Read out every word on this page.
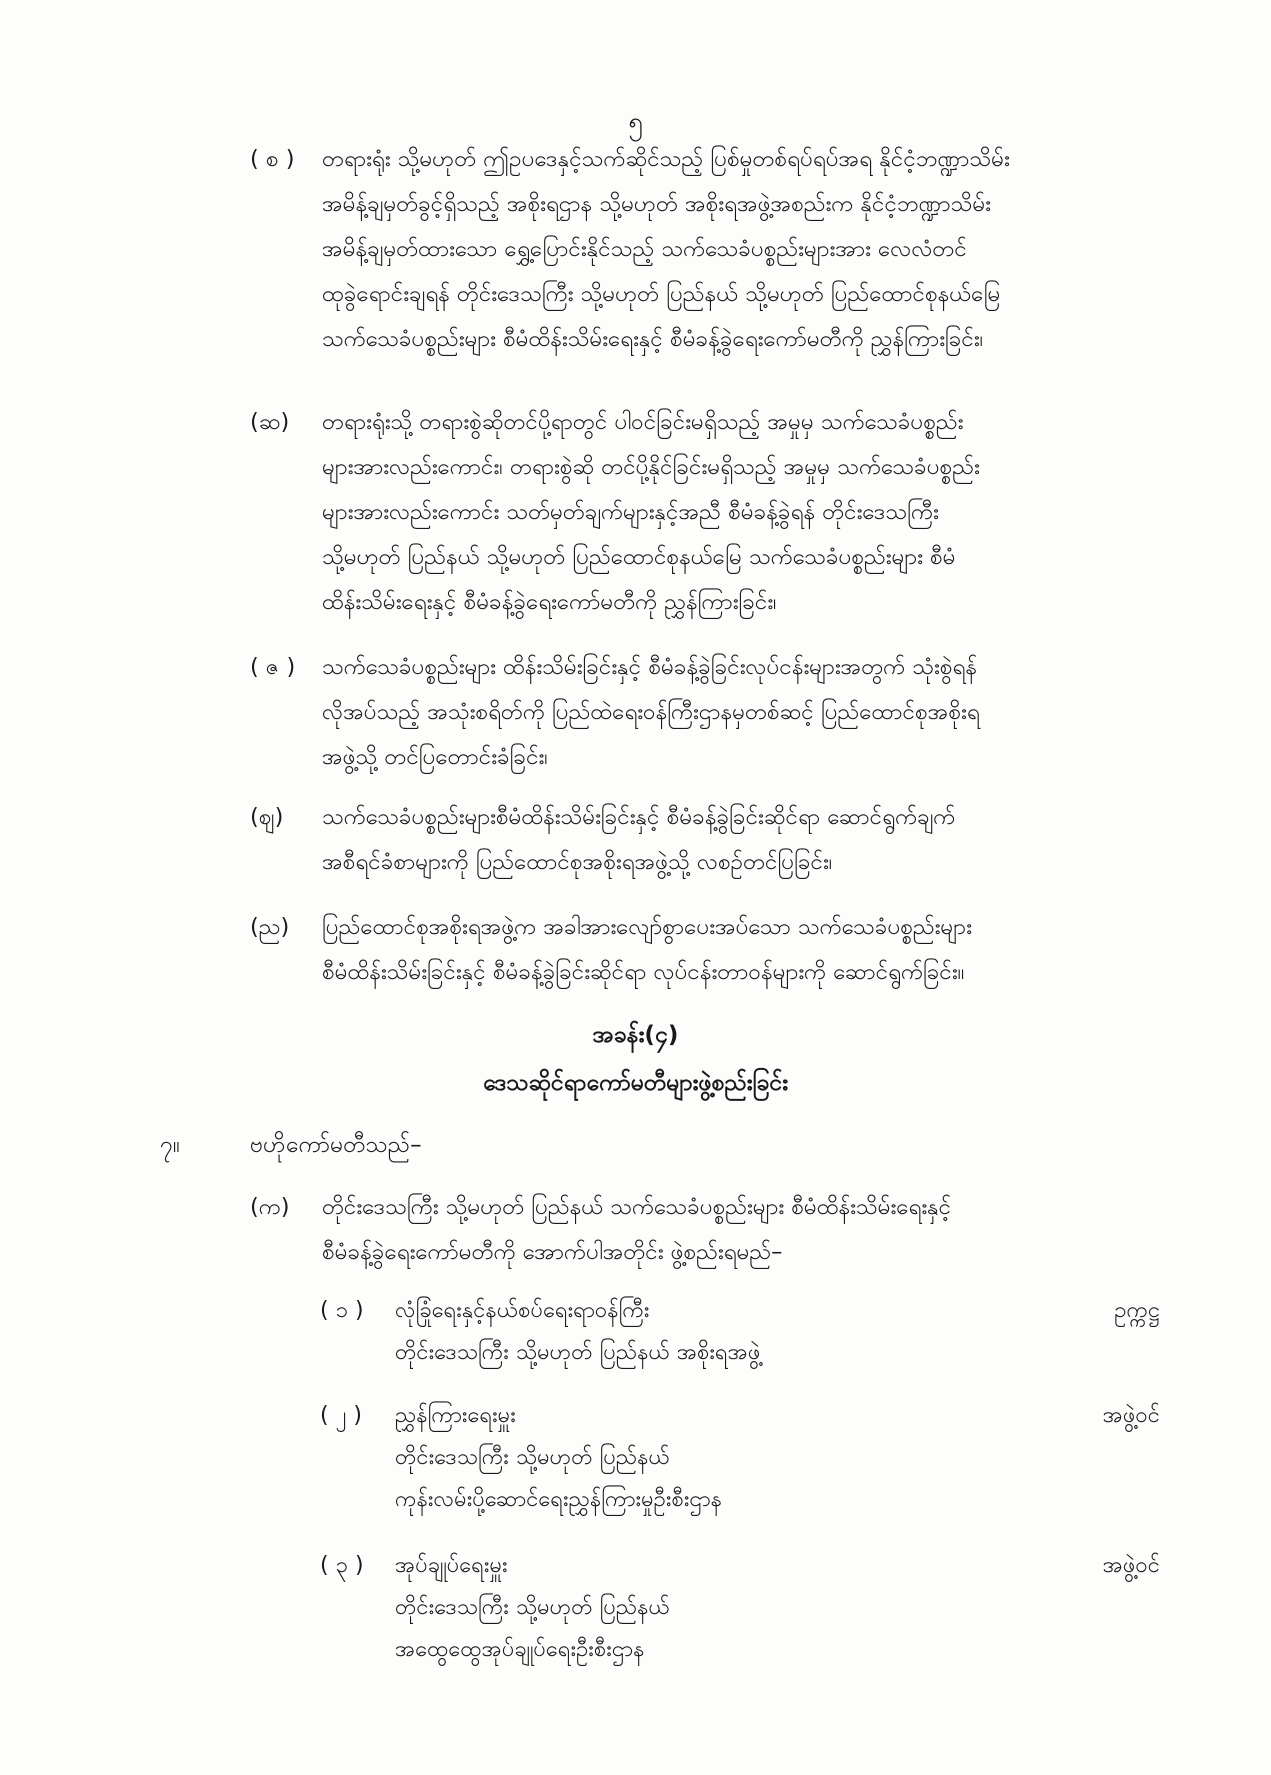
၅
( စ )	တရားရုံး သို့မဟုတ် ဤဥပဒေနှင့်သက်ဆိုင်သည့် ပြစ်မှုတစ်ရပ်ရပ်အရ နိုင်ငံ့ဘဏ္ဍာသိမ်း
အမိန့်ချမှတ်ခွင့်ရှိသည့် အစိုးရဌာန သို့မဟုတ် အစိုးရအဖွဲ့အစည်းက နိုင်ငံ့ဘဏ္ဍာသိမ်း
အမိန့်ချမှတ်ထားသော ရွှေ့ပြောင်းနိုင်သည့် သက်သေခံပစ္စည်းများအား လေလံတင်
ထုခွဲရောင်းချရန် တိုင်းဒေသကြီး သို့မဟုတ် ပြည်နယ် သို့မဟုတ် ပြည်ထောင်စုနယ်မြေ
သက်သေခံပစ္စည်းများ စီမံထိန်းသိမ်းရေးနှင့် စီမံခန့်ခွဲရေးကော်မတီကို ညွှန်ကြားခြင်း၊
(ဆ)	တရားရုံးသို့ တရားစွဲဆိုတင်ပို့ရာတွင် ပါဝင်ခြင်းမရှိသည့် အမှုမှ သက်သေခံပစ္စည်း
များအားလည်းကောင်း၊ တရားစွဲဆို တင်ပို့နိုင်ခြင်းမရှိသည့် အမှုမှ သက်သေခံပစ္စည်း
များအားလည်းကောင်း သတ်မှတ်ချက်များနှင့်အညီ စီမံခန့်ခွဲရန် တိုင်းဒေသကြီး
သို့မဟုတ် ပြည်နယ် သို့မဟုတ် ပြည်ထောင်စုနယ်မြေ သက်သေခံပစ္စည်းများ စီမံ
ထိန်းသိမ်းရေးနှင့် စီမံခန့်ခွဲရေးကော်မတီကို ညွှန်ကြားခြင်း၊
( ဇ )	သက်သေခံပစ္စည်းများ ထိန်းသိမ်းခြင်းနှင့် စီမံခန့်ခွဲခြင်းလုပ်ငန်းများအတွက် သုံးစွဲရန်
လိုအပ်သည့် အသုံးစရိတ်ကို ပြည်ထဲရေးဝန်ကြီးဌာနမှတစ်ဆင့် ပြည်ထောင်စုအစိုးရ
အဖွဲ့သို့ တင်ပြတောင်းခံခြင်း၊
(ဈ)	သက်သေခံပစ္စည်းများစီမံထိန်းသိမ်းခြင်းနှင့် စီမံခန့်ခွဲခြင်းဆိုင်ရာ ဆောင်ရွက်ချက်
အစီရင်ခံစာများကို ပြည်ထောင်စုအစိုးရအဖွဲ့သို့ လစဉ်တင်ပြခြင်း၊
(ည)	ပြည်ထောင်စုအစိုးရအဖွဲ့က အခါအားလျော်စွာပေးအပ်သော သက်သေခံပစ္စည်းများ
စီမံထိန်းသိမ်းခြင်းနှင့် စီမံခန့်ခွဲခြင်းဆိုင်ရာ လုပ်ငန်းတာဝန်များကို ဆောင်ရွက်ခြင်း။
အခန်း(၄)
ဒေသဆိုင်ရာကော်မတီများဖွဲ့စည်းခြင်း
၇။	ဗဟိုကော်မတီသည်–
(က)	တိုင်းဒေသကြီး သို့မဟုတ် ပြည်နယ် သက်သေခံပစ္စည်းများ စီမံထိန်းသိမ်းရေးနှင့်
စီမံခန့်ခွဲရေးကော်မတီကို အောက်ပါအတိုင်း ဖွဲ့စည်းရမည်–
( ၁ ) လုံခြုံရေးနှင့်နယ်စပ်ရေးရာဝန်ကြီး
တိုင်းဒေသကြီး သို့မဟုတ် ပြည်နယ် အစိုးရအဖွဲ့
ဥက္ကဋ္ဌ
( ၂ ) ညွှန်ကြားရေးမှူး
တိုင်းဒေသကြီး သို့မဟုတ် ပြည်နယ်
ကုန်းလမ်းပို့ဆောင်ရေးညွှန်ကြားမှုဦးစီးဌာန
အဖွဲ့ဝင်
( ၃ ) အုပ်ချုပ်ရေးမှူး
တိုင်းဒေသကြီး သို့မဟုတ် ပြည်နယ်
အထွေထွေအုပ်ချုပ်ရေးဦးစီးဌာန
အဖွဲ့ဝင်
